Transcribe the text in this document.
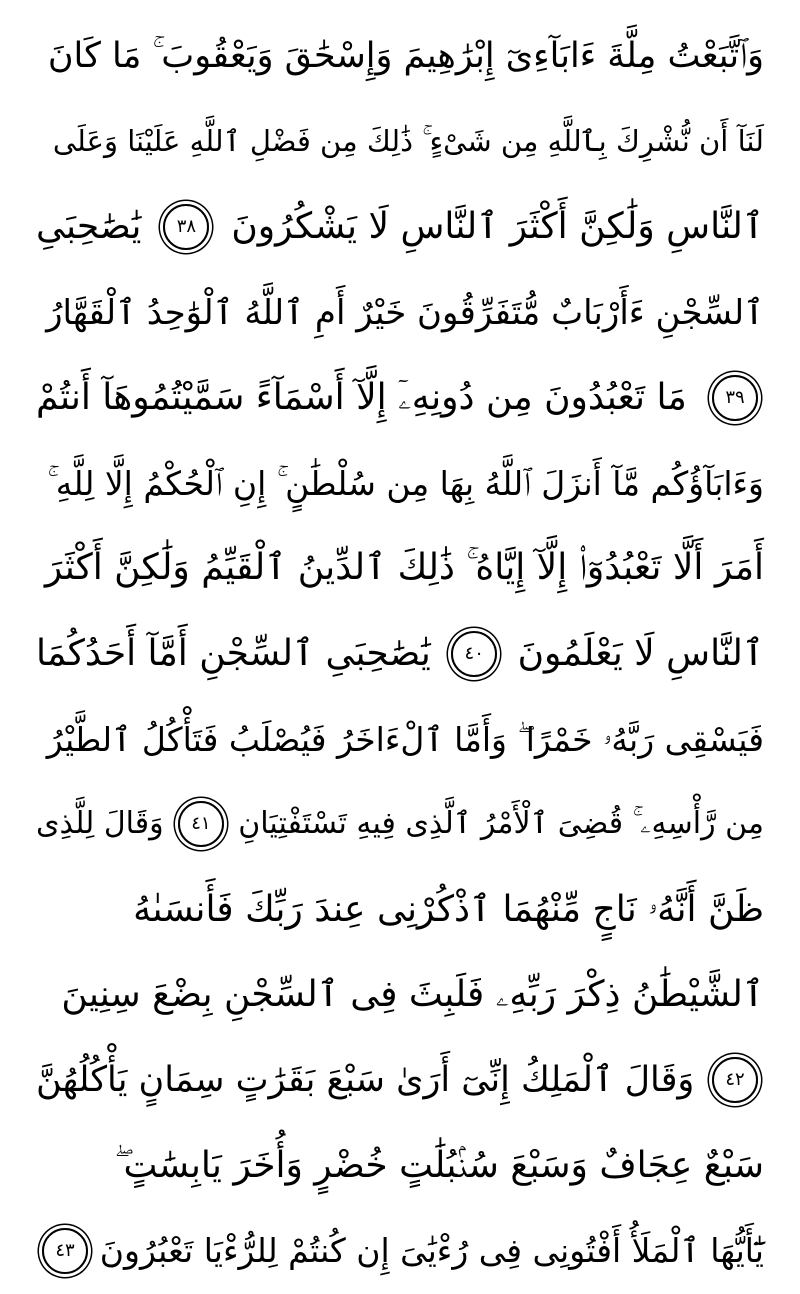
وَٱتَّبَعْتُ مِلَّةَ ءَابَآءِىٓ إِبْرَٰهِيمَ وَإِسْحَٰقَ وَيَعْقُوبَ ۚ مَا كَانَ
لَنَآ أَن نُّشْرِكَ بِٱللَّهِ مِن شَىْءٍ ۚ ذَٰلِكَ مِن فَضْلِ ٱللَّهِ عَلَيْنَا وَعَلَى
ٱلنَّاسِ وَلَٰكِنَّ أَكْثَرَ ٱلنَّاسِ لَا يَشْكُرُونَ
٣٨
يَٰصَٰحِبَىِ
ٱلسِّجْنِ ءَأَرْبَابٌ مُّتَفَرِّقُونَ خَيْرٌ أَمِ ٱللَّهُ ٱلْوَٰحِدُ ٱلْقَهَّارُ
٣٩
مَا تَعْبُدُونَ مِن دُونِهِۦٓ إِلَّآ أَسْمَآءً سَمَّيْتُمُوهَآ أَنتُمْ
وَءَابَآؤُكُم مَّآ أَنزَلَ ٱللَّهُ بِهَا مِن سُلْطَٰنٍ ۚ إِنِ ٱلْحُكْمُ إِلَّا لِلَّهِ ۚ
أَمَرَ أَلَّا تَعْبُدُوٓا۟ إِلَّآ إِيَّاهُ ۚ ذَٰلِكَ ٱلدِّينُ ٱلْقَيِّمُ وَلَٰكِنَّ أَكْثَرَ
ٱلنَّاسِ لَا يَعْلَمُونَ
٤٠
يَٰصَٰحِبَىِ ٱلسِّجْنِ أَمَّآ أَحَدُكُمَا
فَيَسْقِى رَبَّهُۥ خَمْرًا ۖ وَأَمَّا ٱلْءَاخَرُ فَيُصْلَبُ فَتَأْكُلُ ٱلطَّيْرُ
مِن رَّأْسِهِۦ ۚ قُضِىَ ٱلْأَمْرُ ٱلَّذِى فِيهِ تَسْتَفْتِيَانِ
٤١
وَقَالَ لِلَّذِى
ظَنَّ أَنَّهُۥ نَاجٍ مِّنْهُمَا ٱذْكُرْنِى عِندَ رَبِّكَ فَأَنسَىٰهُ
ٱلشَّيْطَٰنُ ذِكْرَ رَبِّهِۦ فَلَبِثَ فِى ٱلسِّجْنِ بِضْعَ سِنِينَ
٤٢
وَقَالَ ٱلْمَلِكُ إِنِّىٓ أَرَىٰ سَبْعَ بَقَرَٰتٍ سِمَانٍ يَأْكُلُهُنَّ
سَبْعٌ عِجَافٌ وَسَبْعَ سُنۢبُلَٰتٍ خُضْرٍ وَأُخَرَ يَابِسَٰتٍ ۖ
يَٰٓأَيُّهَا ٱلْمَلَأُ أَفْتُونِى فِى رُءْيَٰىَ إِن كُنتُمْ لِلرُّءْيَا تَعْبُرُونَ
٤٣
